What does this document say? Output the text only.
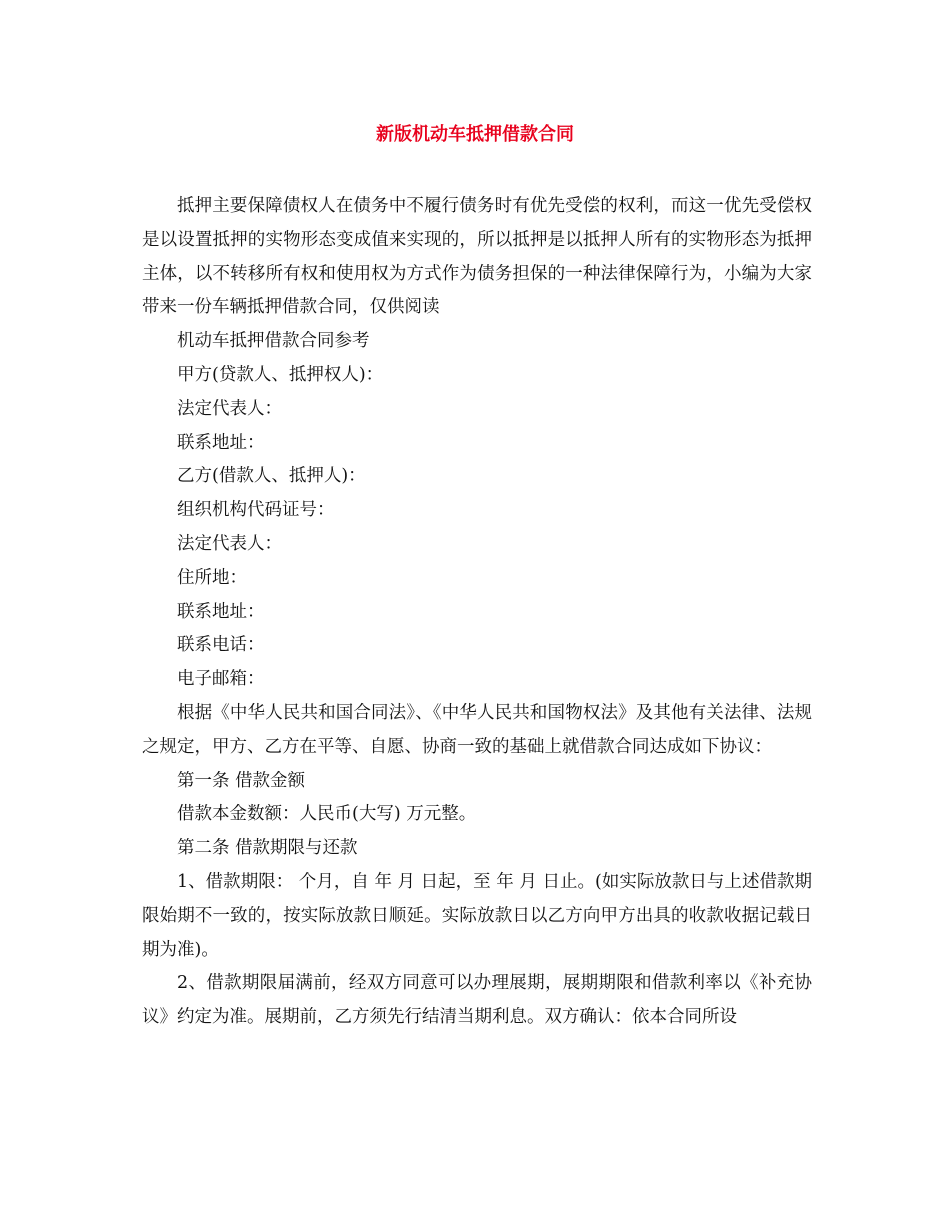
新版机动车抵押借款合同

抵押主要保障债权人在债务中不履行债务时有优先受偿的权利，而这一优先受偿权是以设置抵押的实物形态变成值来实现的，所以抵押是以抵押人所有的实物形态为抵押主体，以不转移所有权和使用权为方式作为债务担保的一种法律保障行为，小编为大家带来一份车辆抵押借款合同，仅供阅读

机动车抵押借款合同参考

甲方(贷款人、抵押权人)：

法定代表人：

联系地址：

乙方(借款人、抵押人)：

组织机构代码证号：

法定代表人：

住所地：

联系地址：

联系电话：

电子邮箱：

根据《中华人民共和国合同法》、《中华人民共和国物权法》及其他有关法律、法规之规定，甲方、乙方在平等、自愿、协商一致的基础上就借款合同达成如下协议：

第一条 借款金额

借款本金数额：人民币(大写) 万元整。

第二条 借款期限与还款

1、借款期限： 个月，自 年 月 日起，至 年 月 日止。(如实际放款日与上述借款期限始期不一致的，按实际放款日顺延。实际放款日以乙方向甲方出具的收款收据记载日期为准)。

2、借款期限届满前，经双方同意可以办理展期，展期期限和借款利率以《补充协议》约定为准。展期前，乙方须先行结清当期利息。双方确认：依本合同所设
